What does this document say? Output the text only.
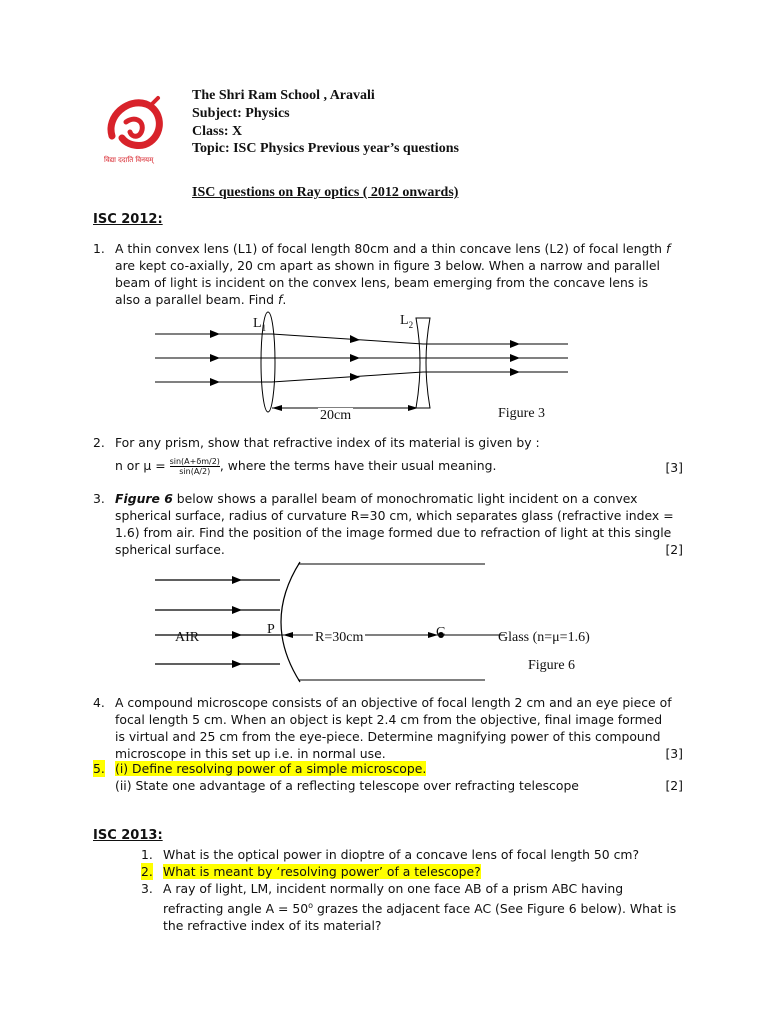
विद्या ददाति विनयम्
The Shri Ram School , Aravali
Subject: Physics
Class: X
Topic: ISC Physics Previous year’s questions
ISC questions on Ray optics ( 2012 onwards)
ISC 2012:
1. A thin convex lens (L1) of focal length 80cm and a thin concave lens (L2) of focal length f are kept co-axially, 20 cm apart as shown in figure 3 below. When a narrow and parallel beam of light is incident on the convex lens, beam emerging from the concave lens is also a parallel beam. Find f.
$L_1$	$L_2$
20cm	Figure 3
2. For any prism, show that refractive index of its material is given by :
n or $\mu = \frac{\sin(A+\delta m/2)}{\sin(A/2)}$ , where the terms have their usual meaning.	[3]
3. Figure 6 below shows a parallel beam of monochromatic light incident on a convex spherical surface, radius of curvature R=30 cm, which separates glass (refractive index = 1.6) from air. Find the position of the image formed due to refraction of light at this single spherical surface.	[2]
AIR
P
R=30cm	C	Glass (n=μ=1.6)
Figure 6
4. A compound microscope consists of an objective of focal length 2 cm and an eye piece of focal length 5 cm. When an object is kept 2.4 cm from the objective, final image formed is virtual and 25 cm from the eye-piece. Determine magnifying power of this compound microscope in this set up i.e. in normal use.	[3]
5. (i) Define resolving power of a simple microscope.
(ii) State one advantage of a reflecting telescope over refracting telescope	[2]
ISC 2013:
1. What is the optical power in dioptre of a concave lens of focal length 50 cm?
2. What is meant by ‘resolving power’ of a telescope?
3. A ray of light, LM, incident normally on one face AB of a prism ABC having refracting angle $A = 50^o$ grazes the adjacent face AC (See Figure 6 below). What is the refractive index of its material?
